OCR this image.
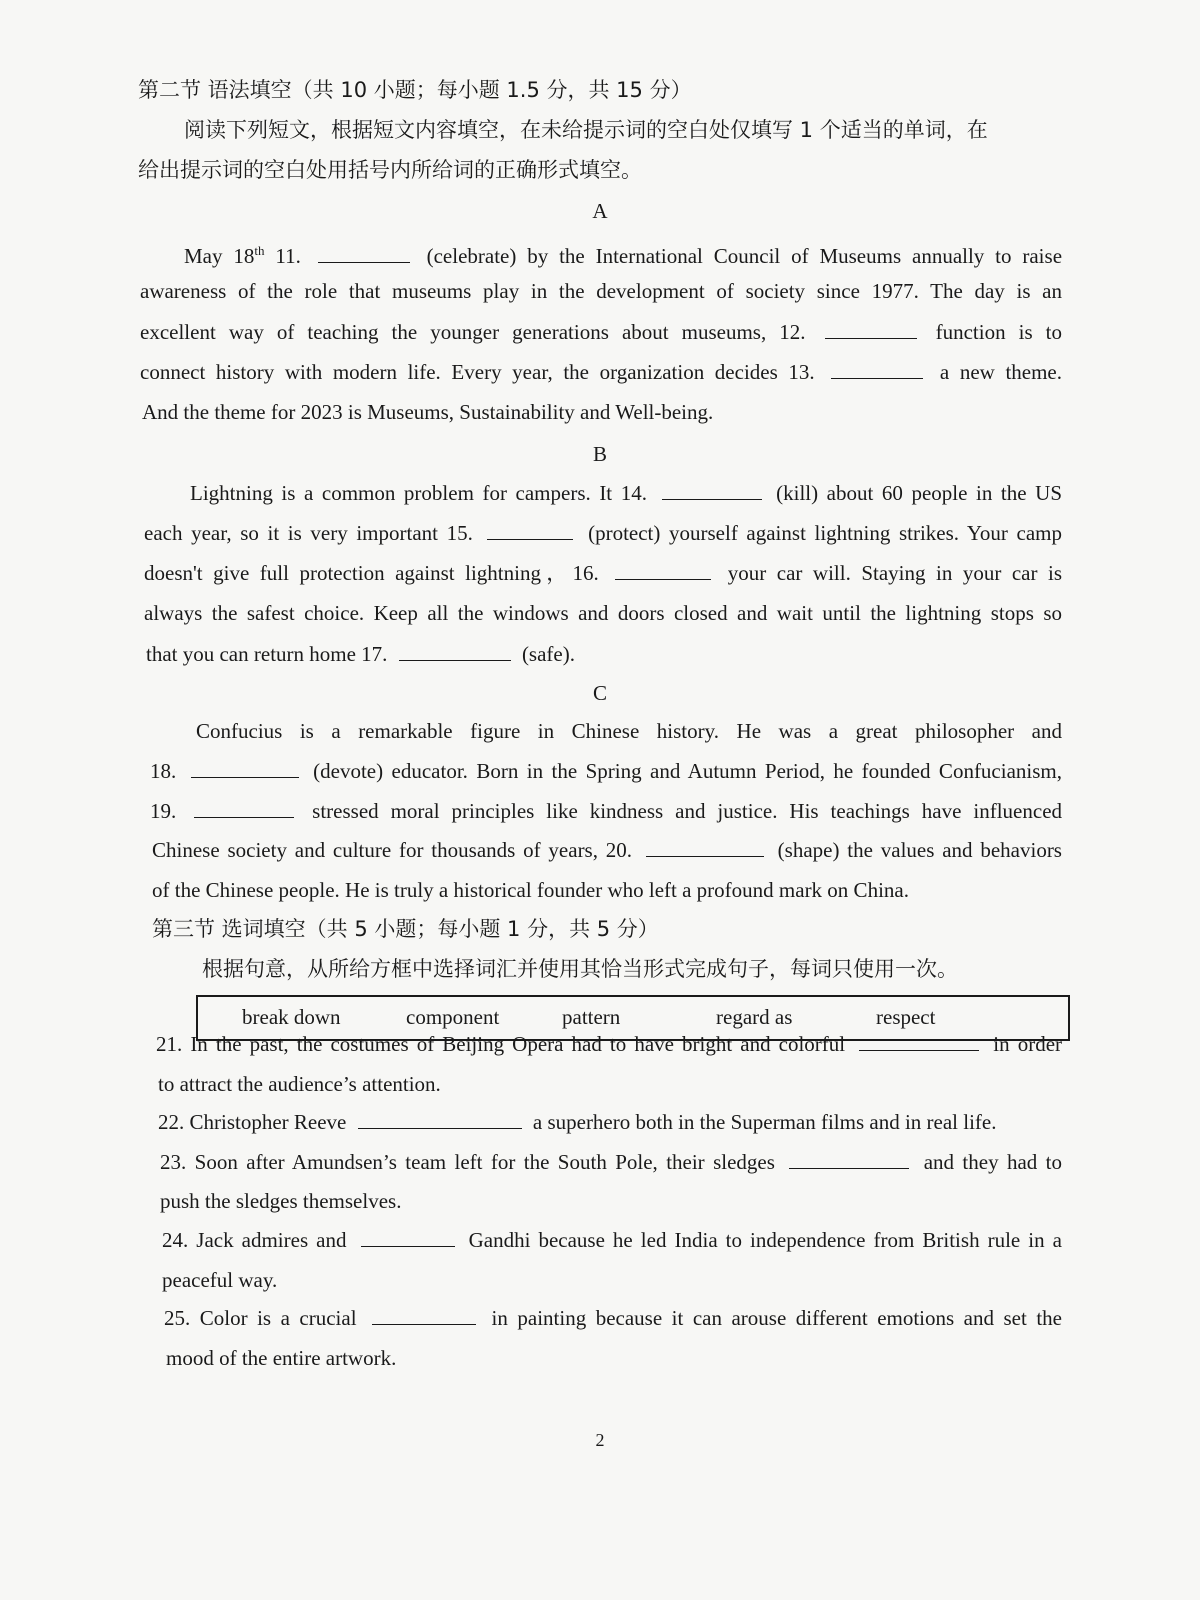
第二节 语法填空（共 10 小题；每小题 1.5 分，共 15 分）
阅读下列短文，根据短文内容填空，在未给提示词的空白处仅填写 1 个适当的单词，在
给出提示词的空白处用括号内所给词的正确形式填空。
A
May 18th 11.	(celebrate) by the International Council of Museums annually to raise
awareness of the role that museums play in the development of society since 1977. The day is an
excellent way of teaching the younger generations about museums, 12.	function is to
connect history with modern life. Every year, the organization decides 13.	a new theme.
And the theme for 2023 is Museums, Sustainability and Well-being.
B
Lightning is a common problem for campers. It 14.	(kill) about 60 people in the US
each year, so it is very important 15.	(protect) yourself against lightning strikes. Your camp
doesn't give full protection against lightning，16.	your car will. Staying in your car is
always the safest choice. Keep all the windows and doors closed and wait until the lightning stops so
that you can return home 17.	(safe).
C
Confucius is a remarkable figure in Chinese history. He was a great philosopher and
18.	(devote) educator. Born in the Spring and Autumn Period, he founded Confucianism,
19.	stressed moral principles like kindness and justice. His teachings have influenced
Chinese society and culture for thousands of years, 20.	(shape) the values and behaviors
of the Chinese people. He is truly a historical founder who left a profound mark on China.
第三节 选词填空（共 5 小题；每小题 1 分，共 5 分）
根据句意，从所给方框中选择词汇并使用其恰当形式完成句子，每词只使用一次。
break down	component	pattern	regard as	respect
21. In the past, the costumes of Beijing Opera had to have bright and colorful	in order
to attract the audience’s attention.
22. Christopher Reeve	a superhero both in the Superman films and in real life.
23. Soon after Amundsen’s team left for the South Pole, their sledges	and they had to
push the sledges themselves.
24. Jack admires and	Gandhi because he led India to independence from British rule in a
peaceful way.
25. Color is a crucial	in painting because it can arouse different emotions and set the
mood of the entire artwork.
2
